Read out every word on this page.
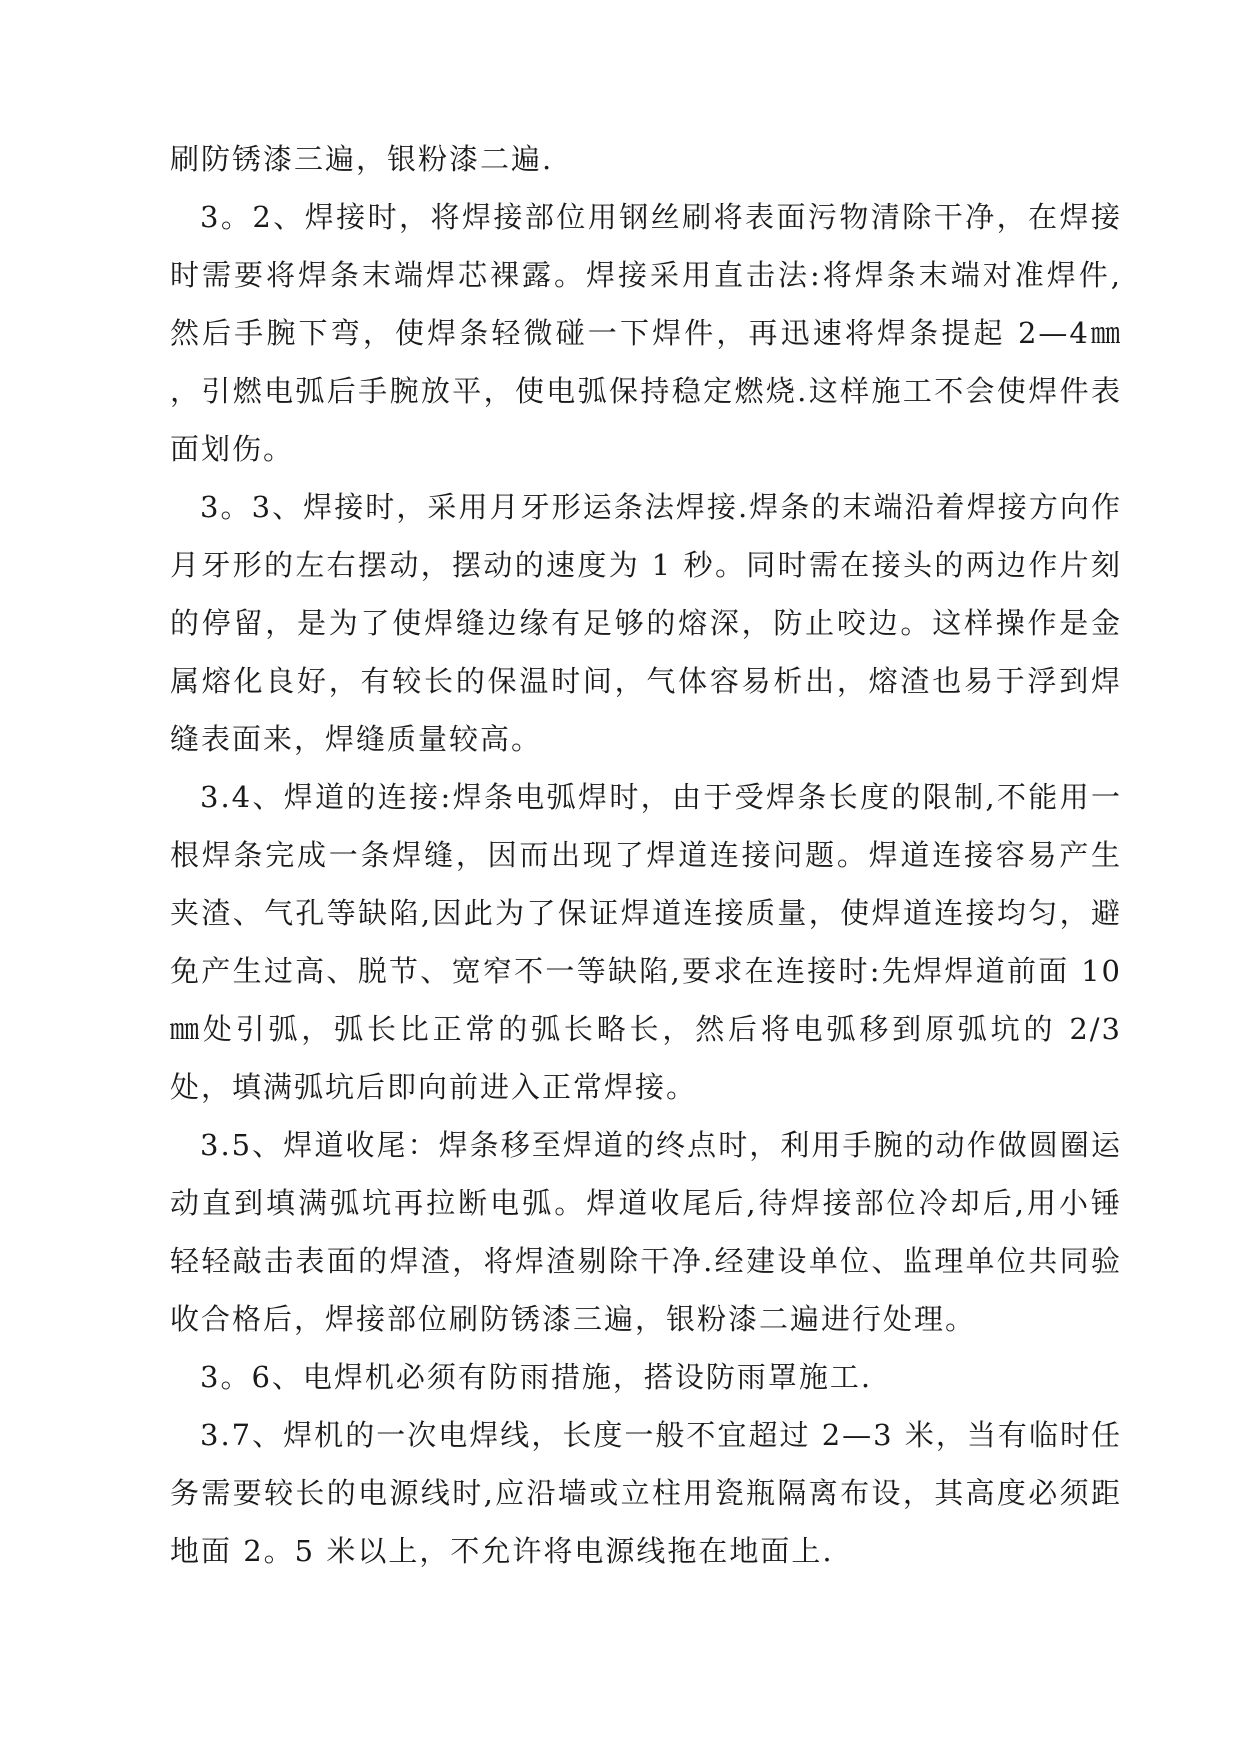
刷防锈漆三遍，银粉漆二遍.

3。2、焊接时，将焊接部位用钢丝刷将表面污物清除干净，在焊接时需要将焊条末端焊芯裸露。焊接采用直击法:将焊条末端对准焊件,然后手腕下弯，使焊条轻微碰一下焊件，再迅速将焊条提起 2—4㎜ ，引燃电弧后手腕放平，使电弧保持稳定燃烧.这样施工不会使焊件表面划伤。

3。3、焊接时，采用月牙形运条法焊接.焊条的末端沿着焊接方向作月牙形的左右摆动，摆动的速度为 1 秒。同时需在接头的两边作片刻的停留，是为了使焊缝边缘有足够的熔深，防止咬边。这样操作是金属熔化良好，有较长的保温时间，气体容易析出，熔渣也易于浮到焊缝表面来，焊缝质量较高。

3.4、焊道的连接:焊条电弧焊时，由于受焊条长度的限制,不能用一根焊条完成一条焊缝，因而出现了焊道连接问题。焊道连接容易产生夹渣、气孔等缺陷,因此为了保证焊道连接质量，使焊道连接均匀，避免产生过高、脱节、宽窄不一等缺陷,要求在连接时:先焊焊道前面 10㎜处引弧，弧长比正常的弧长略长，然后将电弧移到原弧坑的 2/3 处，填满弧坑后即向前进入正常焊接。

3.5、焊道收尾：焊条移至焊道的终点时，利用手腕的动作做圆圈运动直到填满弧坑再拉断电弧。焊道收尾后,待焊接部位冷却后,用小锤轻轻敲击表面的焊渣，将焊渣剔除干净.经建设单位、监理单位共同验收合格后，焊接部位刷防锈漆三遍，银粉漆二遍进行处理。

3。6、电焊机必须有防雨措施，搭设防雨罩施工.

3.7、焊机的一次电焊线，长度一般不宜超过 2—3 米，当有临时任务需要较长的电源线时,应沿墙或立柱用瓷瓶隔离布设，其高度必须距地面 2。5 米以上，不允许将电源线拖在地面上.
